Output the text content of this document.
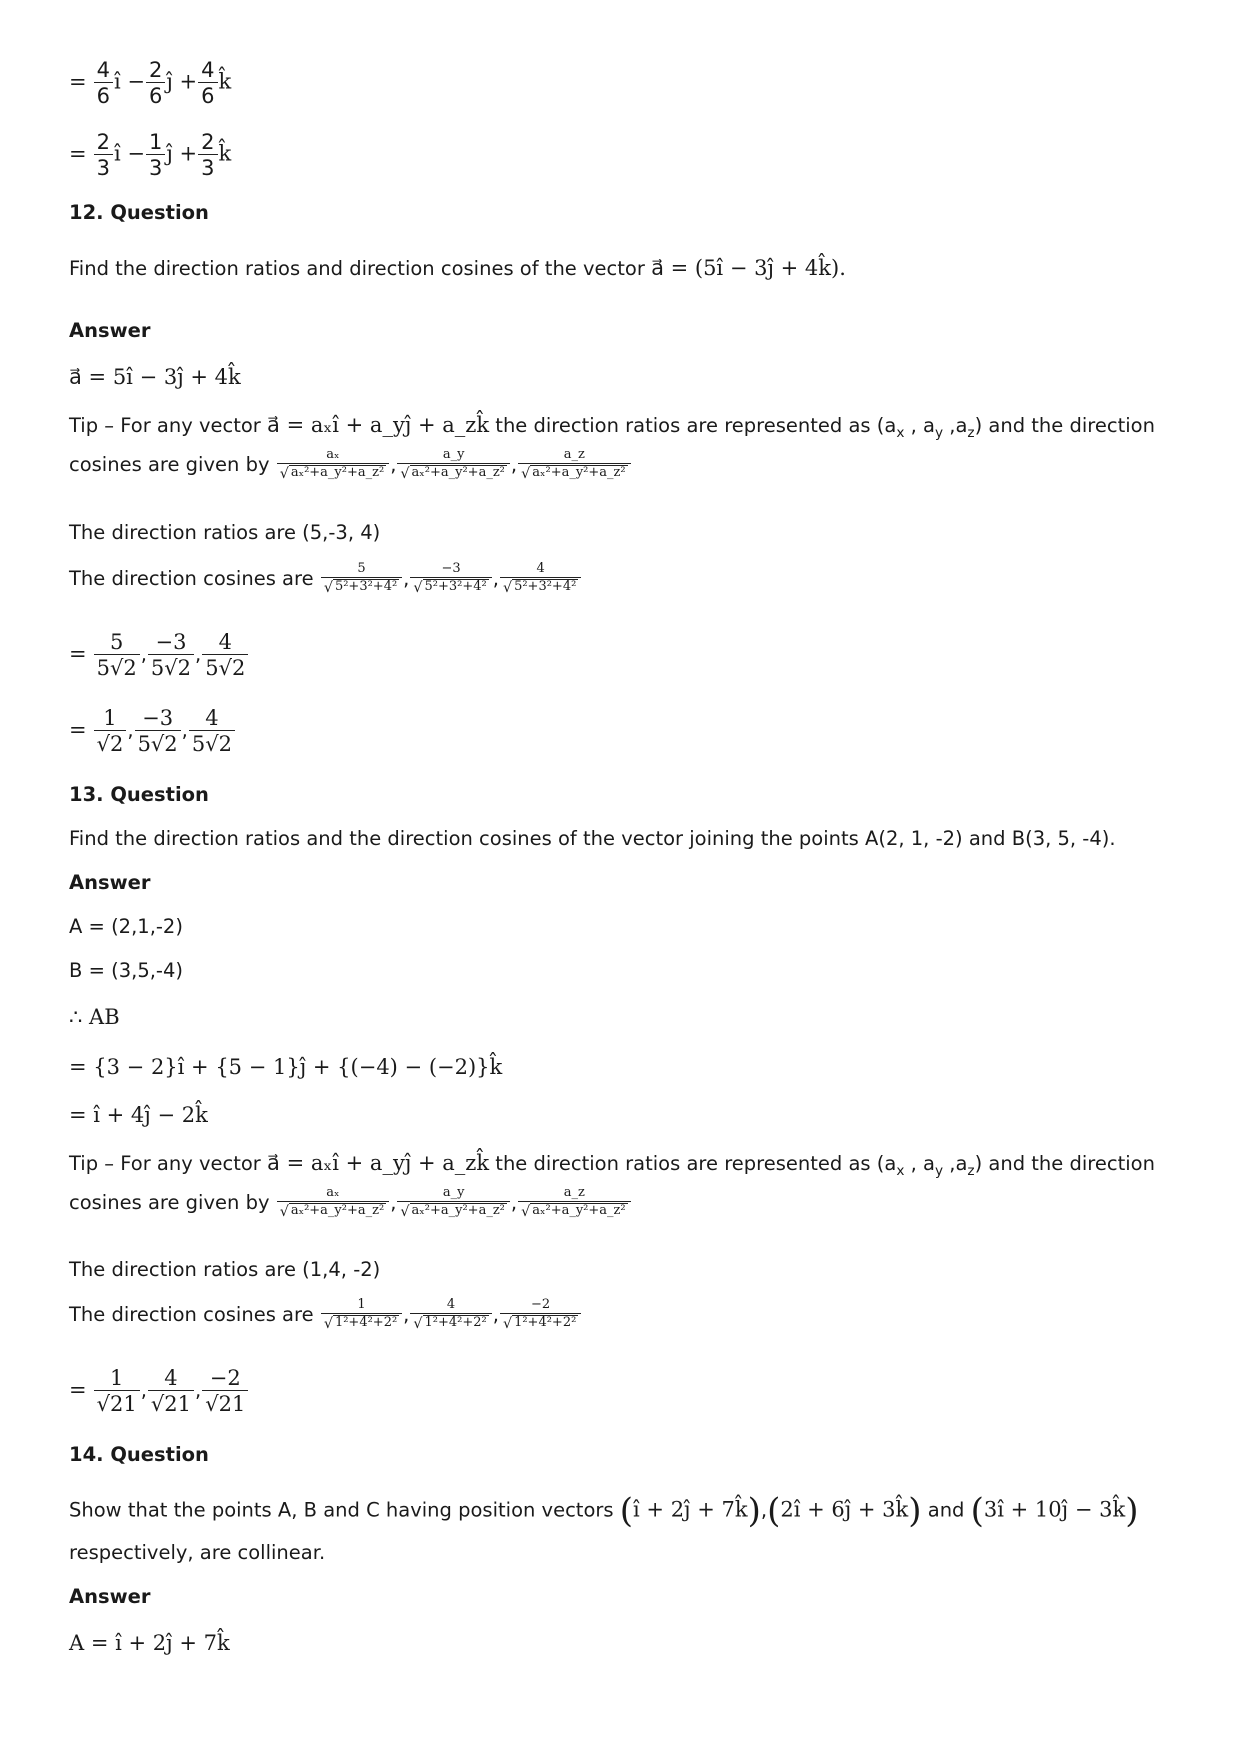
= $\frac{4}{6}$ î − $\frac{2}{6}$ ĵ + $\frac{4}{6}$ k̂
= $\frac{2}{3}$ î − $\frac{1}{3}$ ĵ + $\frac{2}{3}$ k̂
12. Question
Find the direction ratios and direction cosines of the vector a⃗ = (5î − 3ĵ + 4k̂).
Answer
a⃗ = 5î − 3ĵ + 4k̂
Tip – For any vector a⃗ = aₓî + a_yĵ + a_zk̂ the direction ratios are represented as ($a_x$ , $a_y$ $,a_z$) and the direction
cosines are given by $\frac{\text{aₓ}}{\text{√ aₓ²+a\_y²+a\_z²}}$ , $\frac{a\_y}{\text{√ aₓ²+a\_y²+a\_z²}}$ , $\frac{a\_z}{\text{√ aₓ²+a\_y²+a\_z²}}$
The direction ratios are (5,-3, 4)
The direction cosines are $\frac{5}{\text{√ 5²+3²+4²}}$ , $\frac{-3}{\text{√ 5²+3²+4²}}$ , $\frac{4}{\text{√ 5²+3²+4²}}$
= $\frac{5}{5√2}$ , $\frac{-3}{5√2}$ , $\frac{4}{5√2}$
= $\frac{1}{√2}$ , $\frac{-3}{5√2}$ , $\frac{4}{5√2}$
13. Question
Find the direction ratios and the direction cosines of the vector joining the points A(2, 1, -2) and B(3, 5, -4).
Answer
A = (2,1,-2)
B = (3,5,-4)
∴ AB
= {3 − 2}î + {5 − 1}ĵ + {(−4) − (−2)}k̂
= î + 4ĵ − 2k̂
Tip – For any vector a⃗ = aₓî + a_yĵ + a_zk̂ the direction ratios are represented as ($a_x$ , $a_y$ $,a_z$) and the direction
cosines are given by $\frac{\text{aₓ}}{\text{√ aₓ²+a\_y²+a\_z²}}$ , $\frac{a\_y}{\text{√ aₓ²+a\_y²+a\_z²}}$ , $\frac{a\_z}{\text{√ aₓ²+a\_y²+a\_z²}}$
The direction ratios are (1,4, -2)
The direction cosines are $\frac{1}{\text{√ 1²+4²+2²}}$ , $\frac{4}{\text{√ 1²+4²+2²}}$ , $\frac{-2}{\text{√ 1²+4²+2²}}$
= $\frac{1}{√21}$ , $\frac{4}{√21}$ , $\frac{-2}{√21}$
14. Question
Show that the points A, B and C having position vectors (î + 2ĵ + 7k̂),(2î + 6ĵ + 3k̂) and (3î + 10ĵ − 3k̂)
respectively, are collinear.
Answer
A = î + 2ĵ + 7k̂
